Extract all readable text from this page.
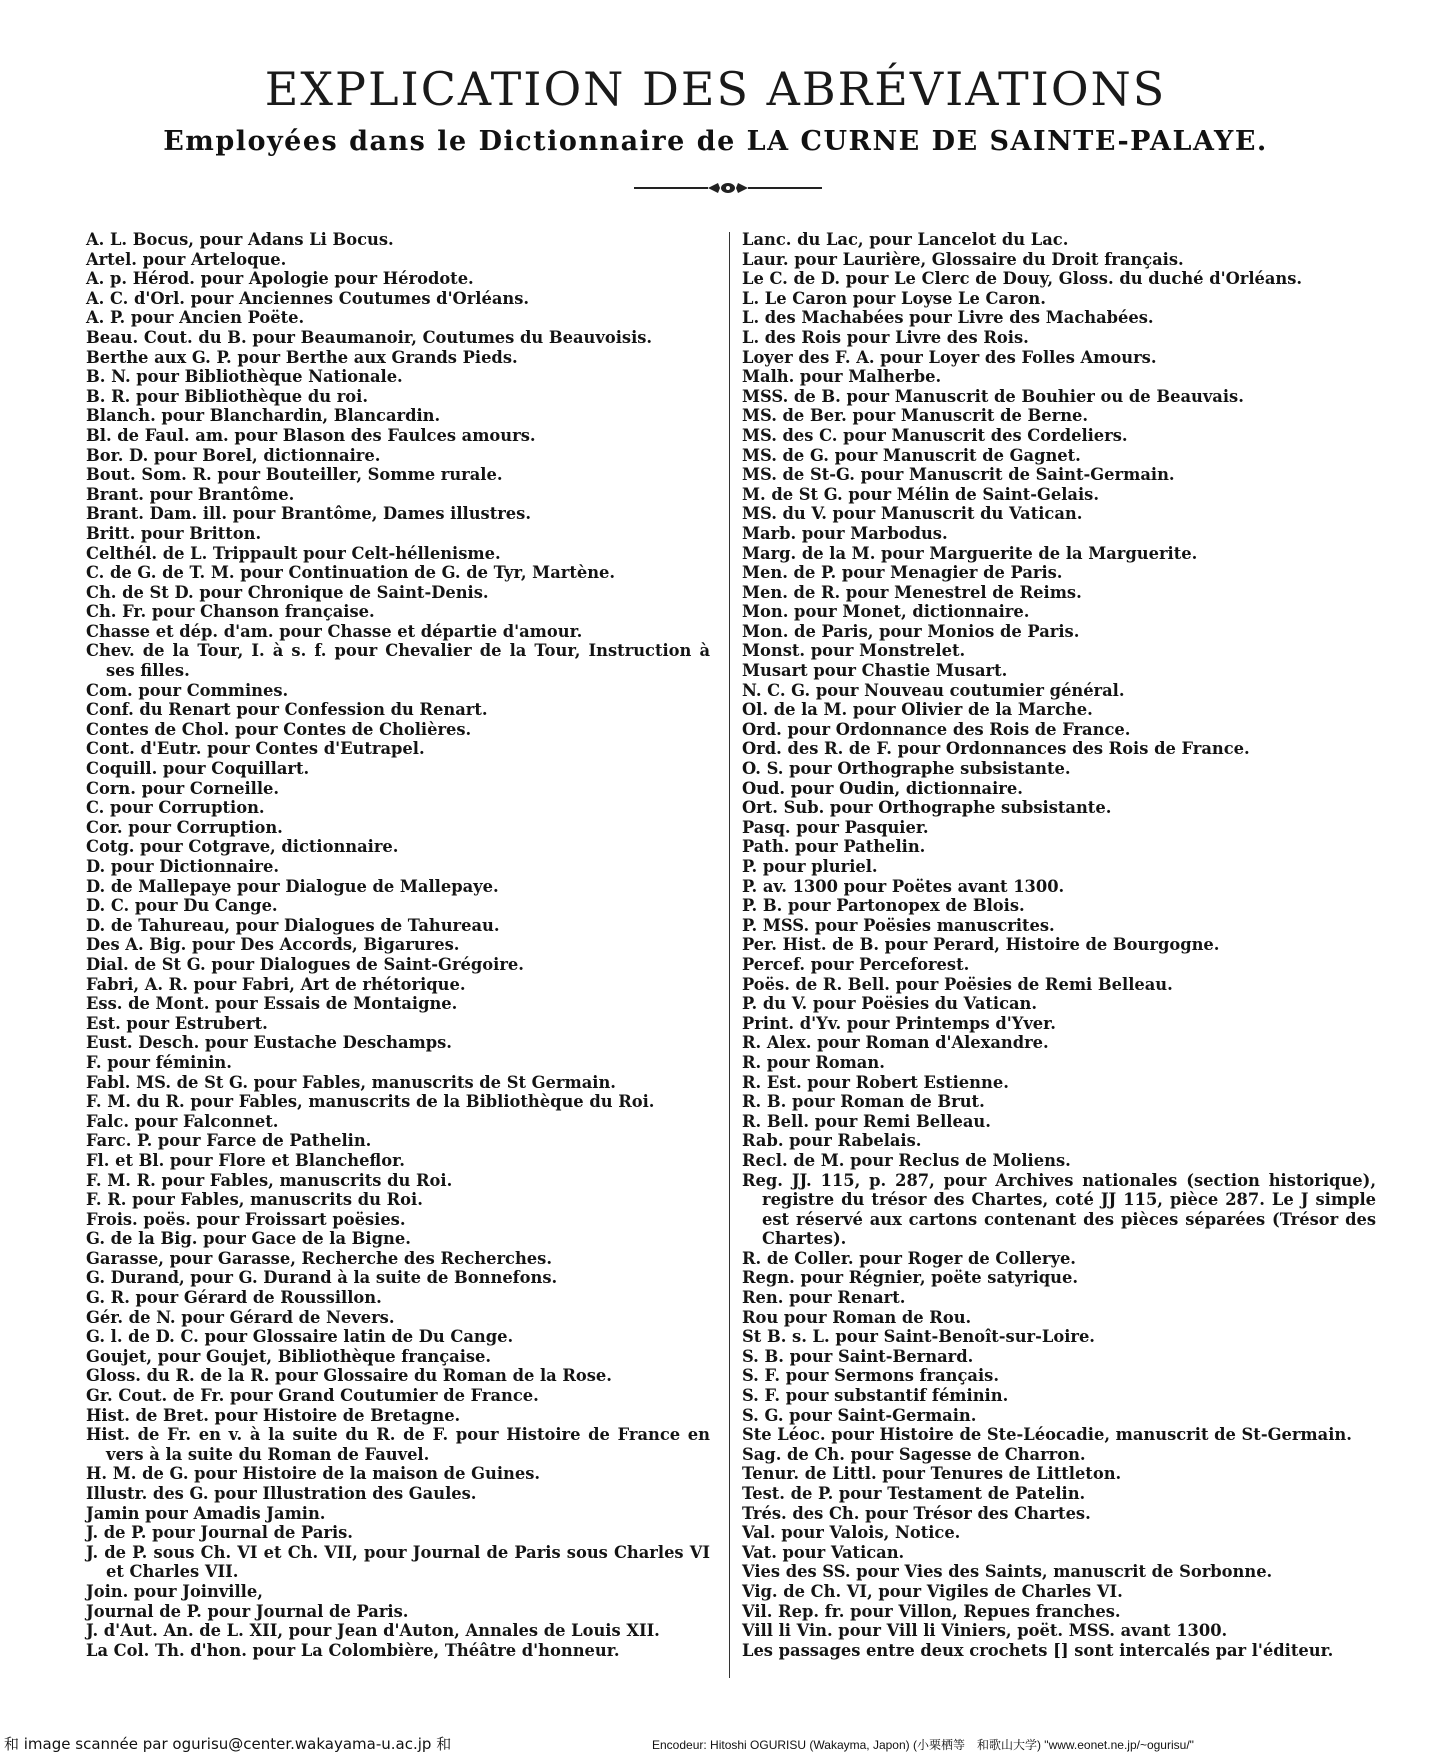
EXPLICATION DES ABRÉVIATIONS
Employées dans le Dictionnaire de LA CURNE DE SAINTE-PALAYE.

A. L. Bocus, pour Adans Li Bocus.

Artel. pour Arteloque.

A. p. Hérod. pour Apologie pour Hérodote.

A. C. d'Orl. pour Anciennes Coutumes d'Orléans.

A. P. pour Ancien Poëte.

Beau. Cout. du B. pour Beaumanoir, Coutumes du Beauvoisis.

Berthe aux G. P. pour Berthe aux Grands Pieds.

B. N. pour Bibliothèque Nationale.

B. R. pour Bibliothèque du roi.

Blanch. pour Blanchardin, Blancardin.

Bl. de Faul. am. pour Blason des Faulces amours.

Bor. D. pour Borel, dictionnaire.

Bout. Som. R. pour Bouteiller, Somme rurale.

Brant. pour Brantôme.

Brant. Dam. ill. pour Brantôme, Dames illustres.

Britt. pour Britton.

Celthél. de L. Trippault pour Celt-héllenisme.

C. de G. de T. M. pour Continuation de G. de Tyr, Martène.

Ch. de St D. pour Chronique de Saint-Denis.

Ch. Fr. pour Chanson française.

Chasse et dép. d'am. pour Chasse et départie d'amour.

Chev. de la Tour, I. à s. f. pour Chevalier de la Tour, Instruction à ses filles.

Com. pour Commines.

Conf. du Renart pour Confession du Renart.

Contes de Chol. pour Contes de Cholières.

Cont. d'Eutr. pour Contes d'Eutrapel.

Coquill. pour Coquillart.

Corn. pour Corneille.

C. pour Corruption.

Cor. pour Corruption.

Cotg. pour Cotgrave, dictionnaire.

D. pour Dictionnaire.

D. de Mallepaye pour Dialogue de Mallepaye.

D. C. pour Du Cange.

D. de Tahureau, pour Dialogues de Tahureau.

Des A. Big. pour Des Accords, Bigarures.

Dial. de St G. pour Dialogues de Saint-Grégoire.

Fabri, A. R. pour Fabri, Art de rhétorique.

Ess. de Mont. pour Essais de Montaigne.

Est. pour Estrubert.

Eust. Desch. pour Eustache Deschamps.

F. pour féminin.

Fabl. MS. de St G. pour Fables, manuscrits de St Germain.

F. M. du R. pour Fables, manuscrits de la Bibliothèque du Roi.

Falc. pour Falconnet.

Farc. P. pour Farce de Pathelin.

Fl. et Bl. pour Flore et Blancheflor.

F. M. R. pour Fables, manuscrits du Roi.

F. R. pour Fables, manuscrits du Roi.

Frois. poës. pour Froissart poësies.

G. de la Big. pour Gace de la Bigne.

Garasse, pour Garasse, Recherche des Recherches.

G. Durand, pour G. Durand à la suite de Bonnefons.

G. R. pour Gérard de Roussillon.

Gér. de N. pour Gérard de Nevers.

G. l. de D. C. pour Glossaire latin de Du Cange.

Goujet, pour Goujet, Bibliothèque française.

Gloss. du R. de la R. pour Glossaire du Roman de la Rose.

Gr. Cout. de Fr. pour Grand Coutumier de France.

Hist. de Bret. pour Histoire de Bretagne.

Hist. de Fr. en v. à la suite du R. de F. pour Histoire de France en vers à la suite du Roman de Fauvel.

H. M. de G. pour Histoire de la maison de Guines.

Illustr. des G. pour Illustration des Gaules.

Jamin pour Amadis Jamin.

J. de P. pour Journal de Paris.

J. de P. sous Ch. VI et Ch. VII, pour Journal de Paris sous Charles VI et Charles VII.

Join. pour Joinville,

Journal de P. pour Journal de Paris.

J. d'Aut. An. de L. XII, pour Jean d'Auton, Annales de Louis XII.

La Col. Th. d'hon. pour La Colombière, Théâtre d'honneur.

Lanc. du Lac, pour Lancelot du Lac.

Laur. pour Laurière, Glossaire du Droit français.

Le C. de D. pour Le Clerc de Douy, Gloss. du duché d'Orléans.

L. Le Caron pour Loyse Le Caron.

L. des Machabées pour Livre des Machabées.

L. des Rois pour Livre des Rois.

Loyer des F. A. pour Loyer des Folles Amours.

Malh. pour Malherbe.

MSS. de B. pour Manuscrit de Bouhier ou de Beauvais.

MS. de Ber. pour Manuscrit de Berne.

MS. des C. pour Manuscrit des Cordeliers.

MS. de G. pour Manuscrit de Gagnet.

MS. de St-G. pour Manuscrit de Saint-Germain.

M. de St G. pour Mélin de Saint-Gelais.

MS. du V. pour Manuscrit du Vatican.

Marb. pour Marbodus.

Marg. de la M. pour Marguerite de la Marguerite.

Men. de P. pour Menagier de Paris.

Men. de R. pour Menestrel de Reims.

Mon. pour Monet, dictionnaire.

Mon. de Paris, pour Monios de Paris.

Monst. pour Monstrelet.

Musart pour Chastie Musart.

N. C. G. pour Nouveau coutumier général.

Ol. de la M. pour Olivier de la Marche.

Ord. pour Ordonnance des Rois de France.

Ord. des R. de F. pour Ordonnances des Rois de France.

O. S. pour Orthographe subsistante.

Oud. pour Oudin, dictionnaire.

Ort. Sub. pour Orthographe subsistante.

Pasq. pour Pasquier.

Path. pour Pathelin.

P. pour pluriel.

P. av. 1300 pour Poëtes avant 1300.

P. B. pour Partonopex de Blois.

P. MSS. pour Poësies manuscrites.

Per. Hist. de B. pour Perard, Histoire de Bourgogne.

Percef. pour Perceforest.

Poës. de R. Bell. pour Poësies de Remi Belleau.

P. du V. pour Poësies du Vatican.

Print. d'Yv. pour Printemps d'Yver.

R. Alex. pour Roman d'Alexandre.

R. pour Roman.

R. Est. pour Robert Estienne.

R. B. pour Roman de Brut.

R. Bell. pour Remi Belleau.

Rab. pour Rabelais.

Recl. de M. pour Reclus de Moliens.

Reg. JJ. 115, p. 287, pour Archives nationales (section historique), registre du trésor des Chartes, coté JJ 115, pièce 287. Le J simple est réservé aux cartons contenant des pièces séparées (Trésor des Chartes).

R. de Coller. pour Roger de Collerye.

Regn. pour Régnier, poëte satyrique.

Ren. pour Renart.

Rou pour Roman de Rou.

St B. s. L. pour Saint-Benoît-sur-Loire.

S. B. pour Saint-Bernard.

S. F. pour Sermons français.

S. F. pour substantif féminin.

S. G. pour Saint-Germain.

Ste Léoc. pour Histoire de Ste-Léocadie, manuscrit de St-Germain.

Sag. de Ch. pour Sagesse de Charron.

Tenur. de Littl. pour Tenures de Littleton.

Test. de P. pour Testament de Patelin.

Trés. des Ch. pour Trésor des Chartes.

Val. pour Valois, Notice.

Vat. pour Vatican.

Vies des SS. pour Vies des Saints, manuscrit de Sorbonne.

Vig. de Ch. VI, pour Vigiles de Charles VI.

Vil. Rep. fr. pour Villon, Repues franches.

Vill li Vin. pour Vill li Viniers, poët. MSS. avant 1300.

Les passages entre deux crochets [] sont intercalés par l'éditeur.

Encodeur: Hitoshi OGURISU (Wakayma, Japon) (小栗栖等　和歌山大学) "www.eonet.ne.jp/~ogurisu/"
和 image scannée par ogurisu@center.wakayama-u.ac.jp 和
